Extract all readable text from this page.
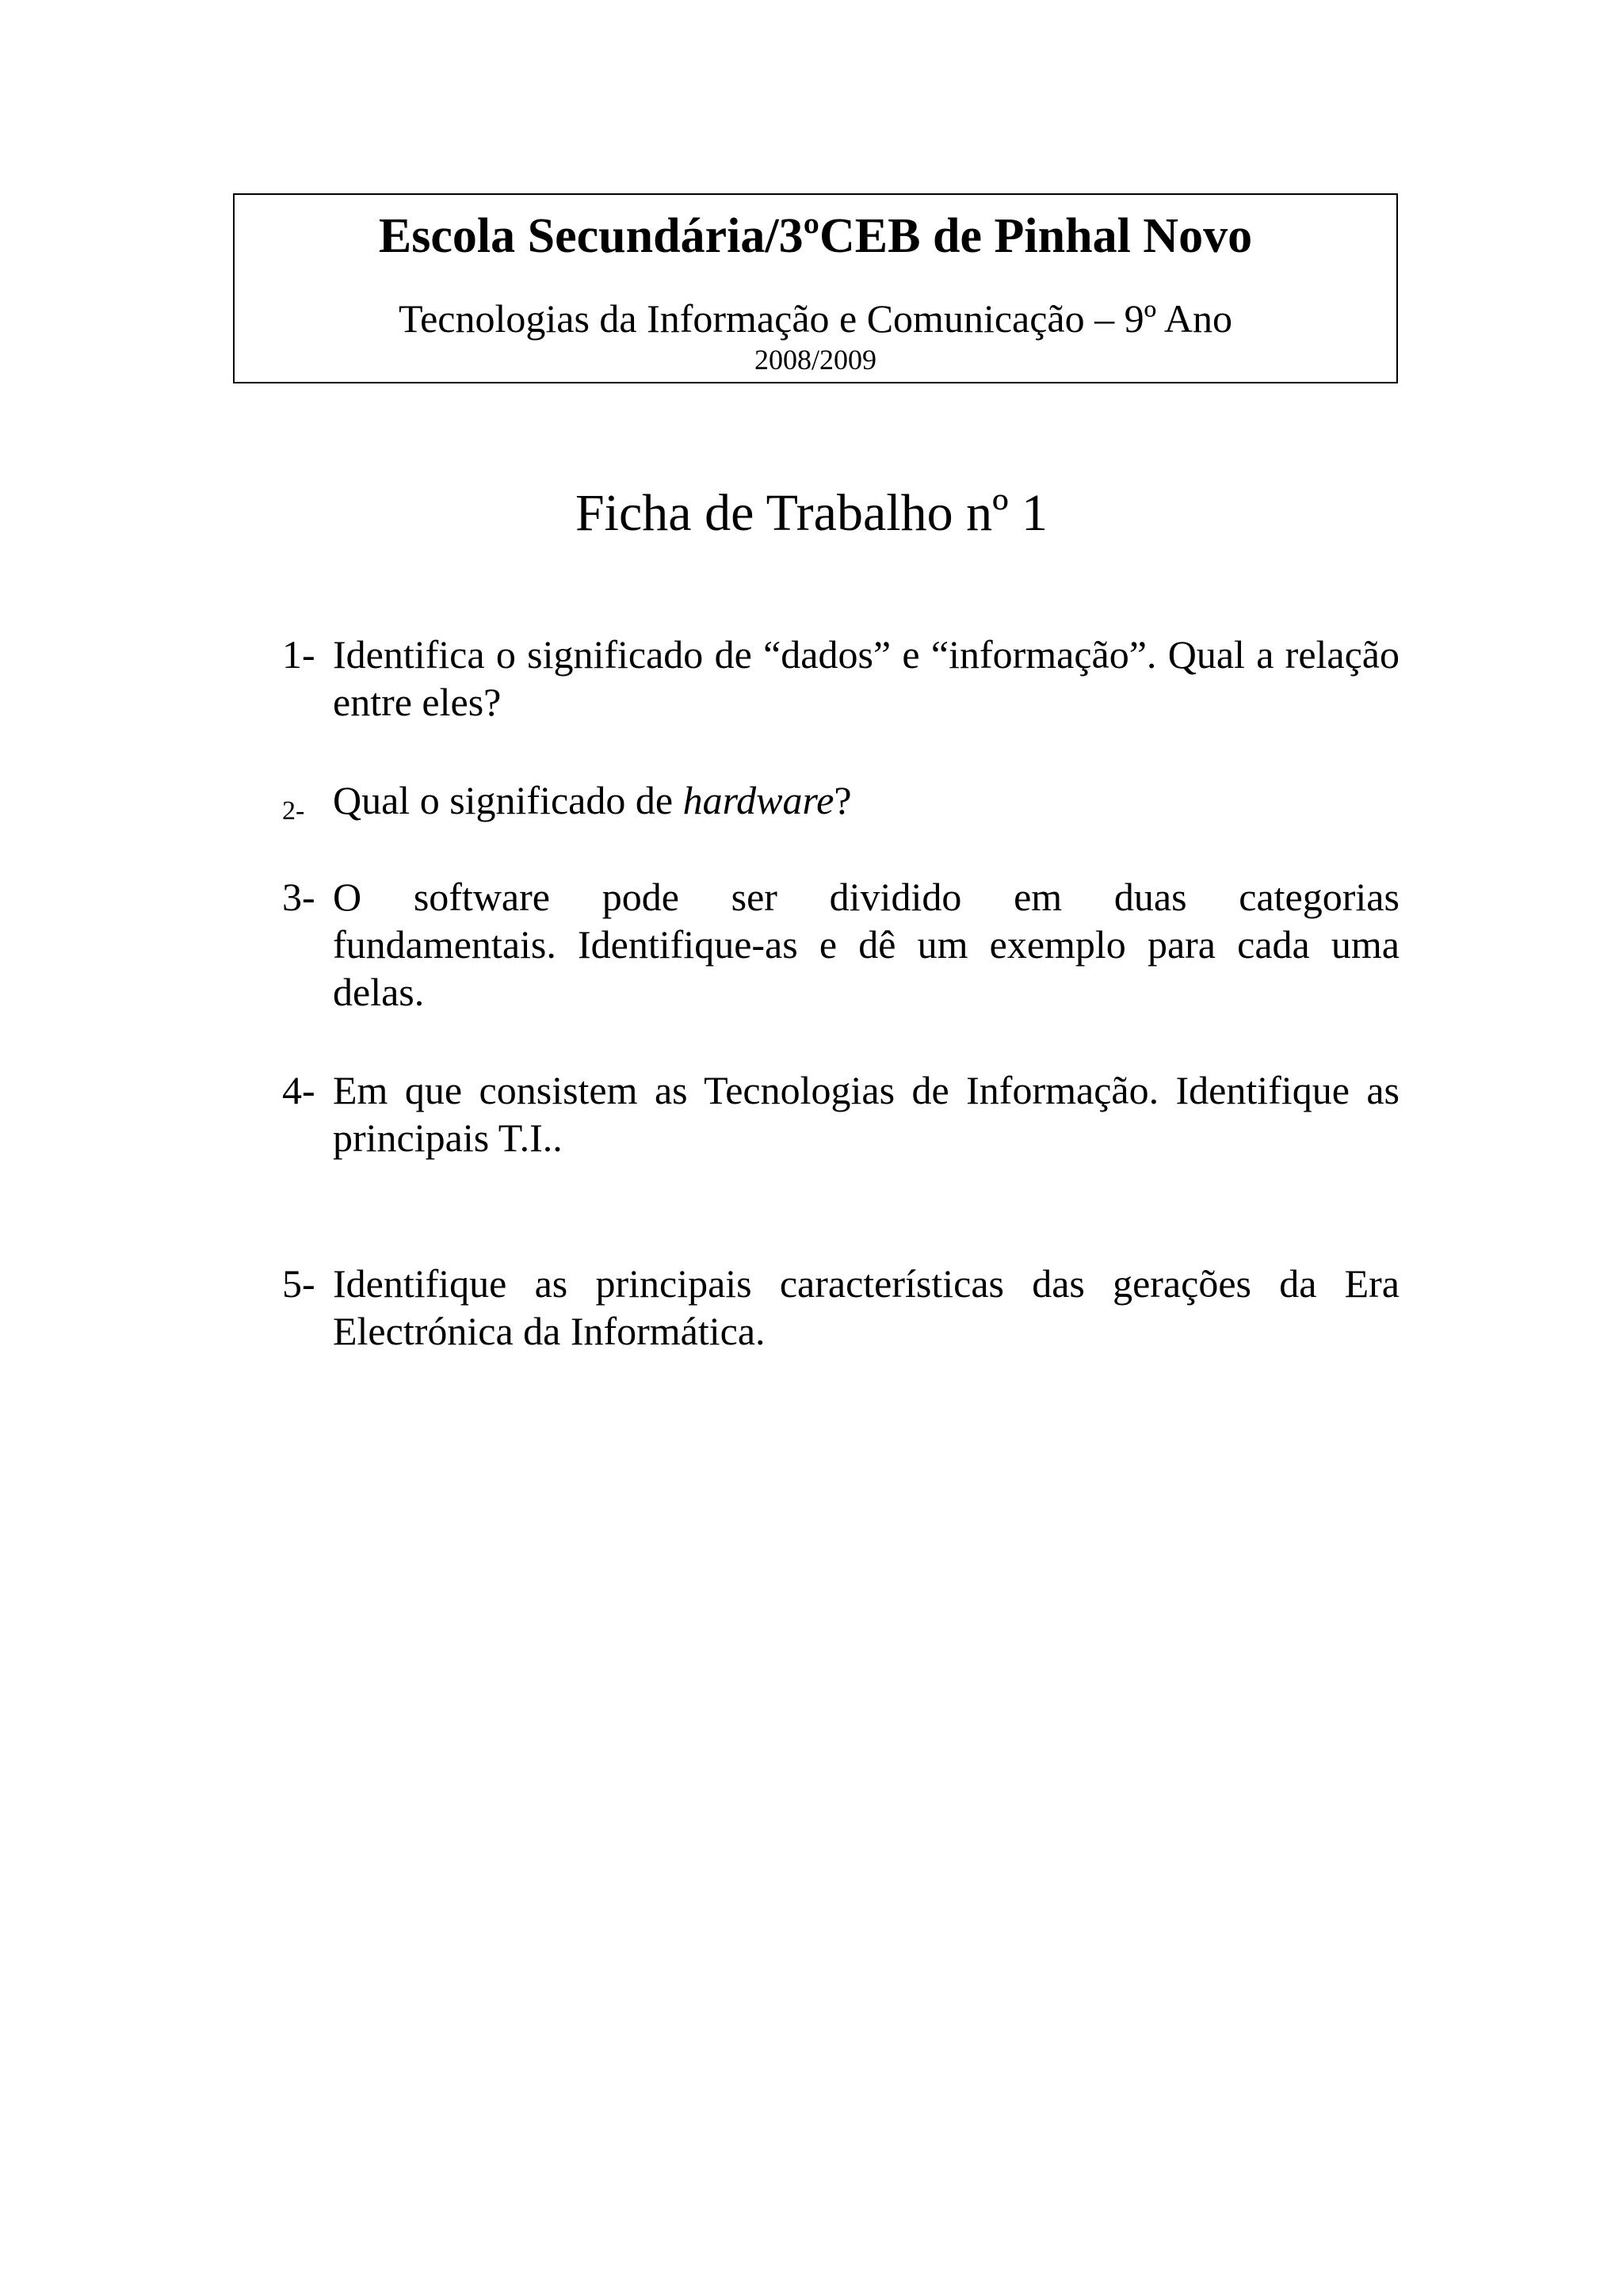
Escola Secundária/3ºCEB de Pinhal Novo
Tecnologias da Informação e Comunicação – 9º Ano
2008/2009
Ficha de Trabalho nº 1
1- Identifica o significado de “dados” e “informação”. Qual a relação entre eles?
2- Qual o significado de hardware?
3- O software pode ser dividido em duas categorias
fundamentais. Identifique-as e dê um exemplo para cada uma delas.
4- Em que consistem as Tecnologias de Informação. Identifique as principais T.I..
5- Identifique as principais características das gerações da Era Electrónica da Informática.
